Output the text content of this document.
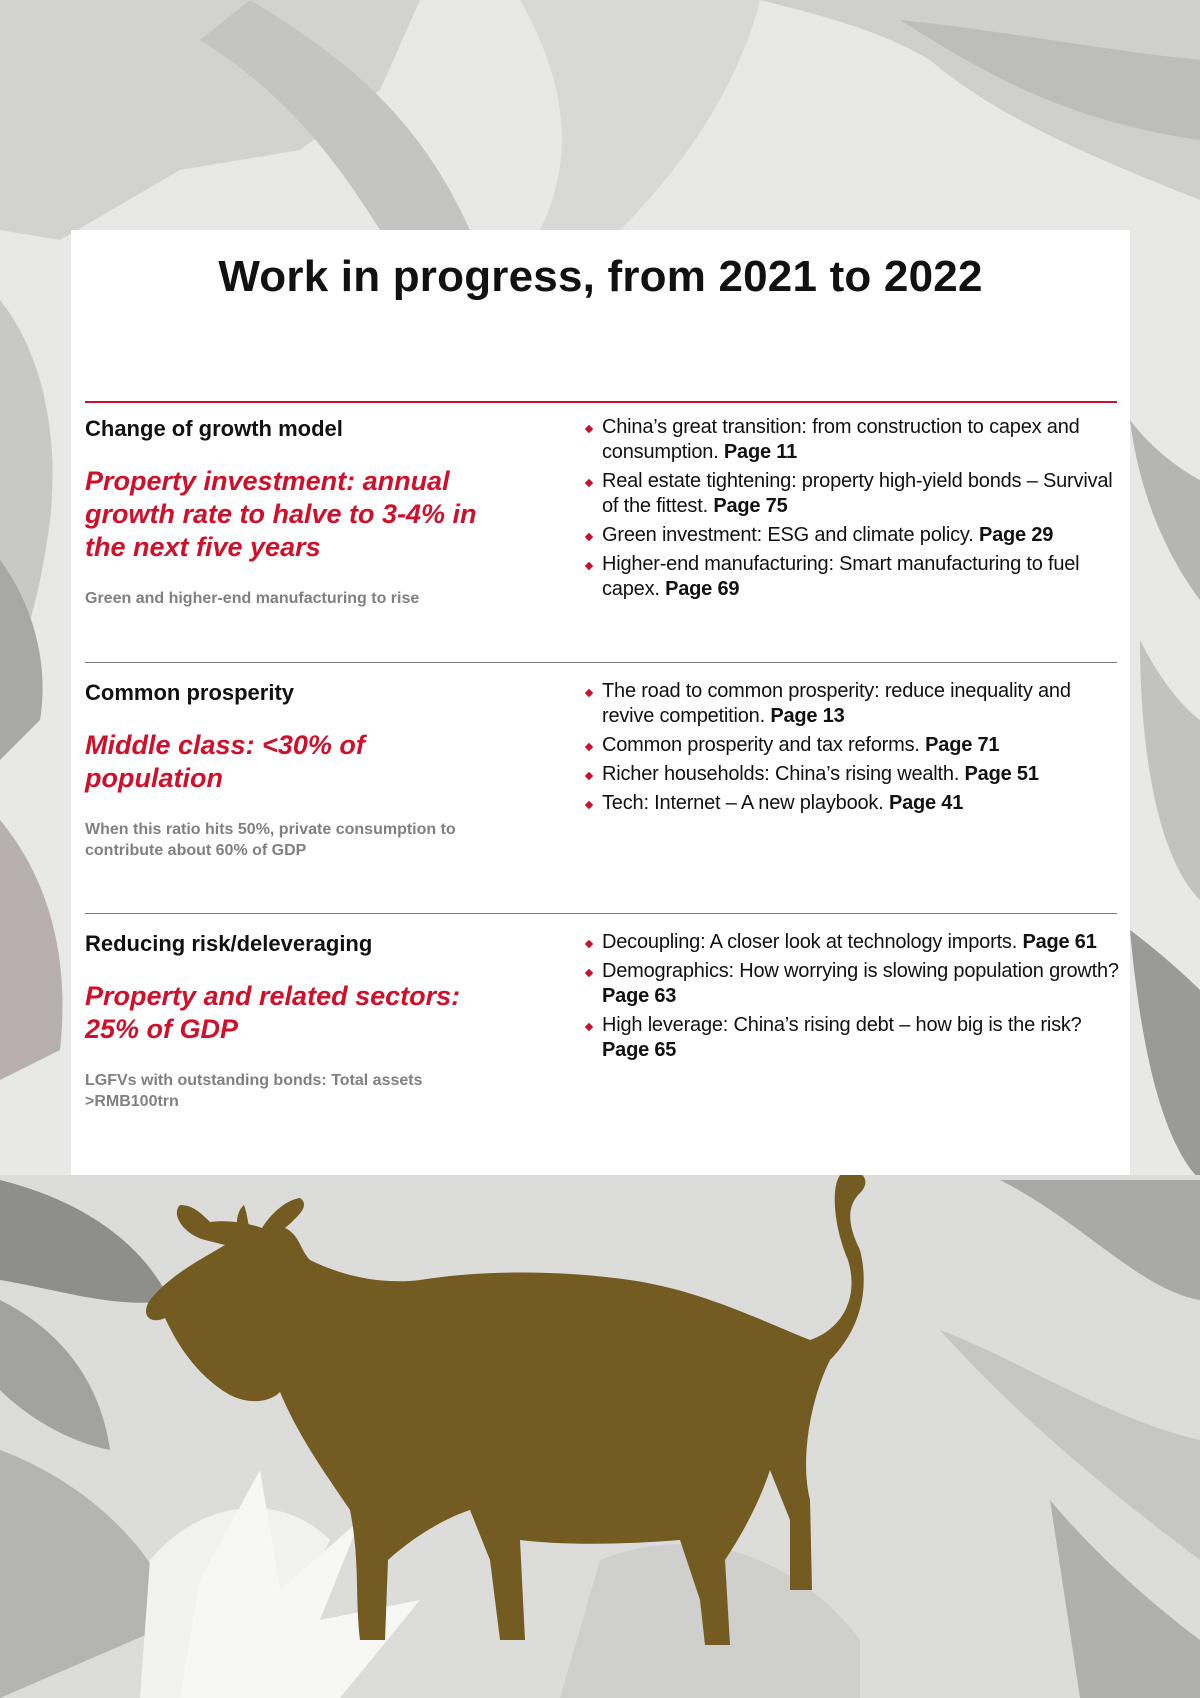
Work in progress, from 2021 to 2022
Change of growth model
Property investment: annual growth rate to halve to 3-4% in the next five years
Green and higher-end manufacturing to rise
China’s great transition: from construction to capex and consumption. Page 11
Real estate tightening: property high-yield bonds – Survival of the fittest. Page 75
Green investment: ESG and climate policy. Page 29
Higher-end manufacturing: Smart manufacturing to fuel capex. Page 69
Common prosperity
Middle class: <30% of population
When this ratio hits 50%, private consumption to contribute about 60% of GDP
The road to common prosperity: reduce inequality and revive competition. Page 13
Common prosperity and tax reforms. Page 71
Richer households: China’s rising wealth. Page 51
Tech: Internet – A new playbook. Page 41
Reducing risk/deleveraging
Property and related sectors: 25% of GDP
LGFVs with outstanding bonds: Total assets >RMB100trn
Decoupling: A closer look at technology imports. Page 61
Demographics: How worrying is slowing population growth? Page 63
High leverage: China’s rising debt – how big is the risk? Page 65
